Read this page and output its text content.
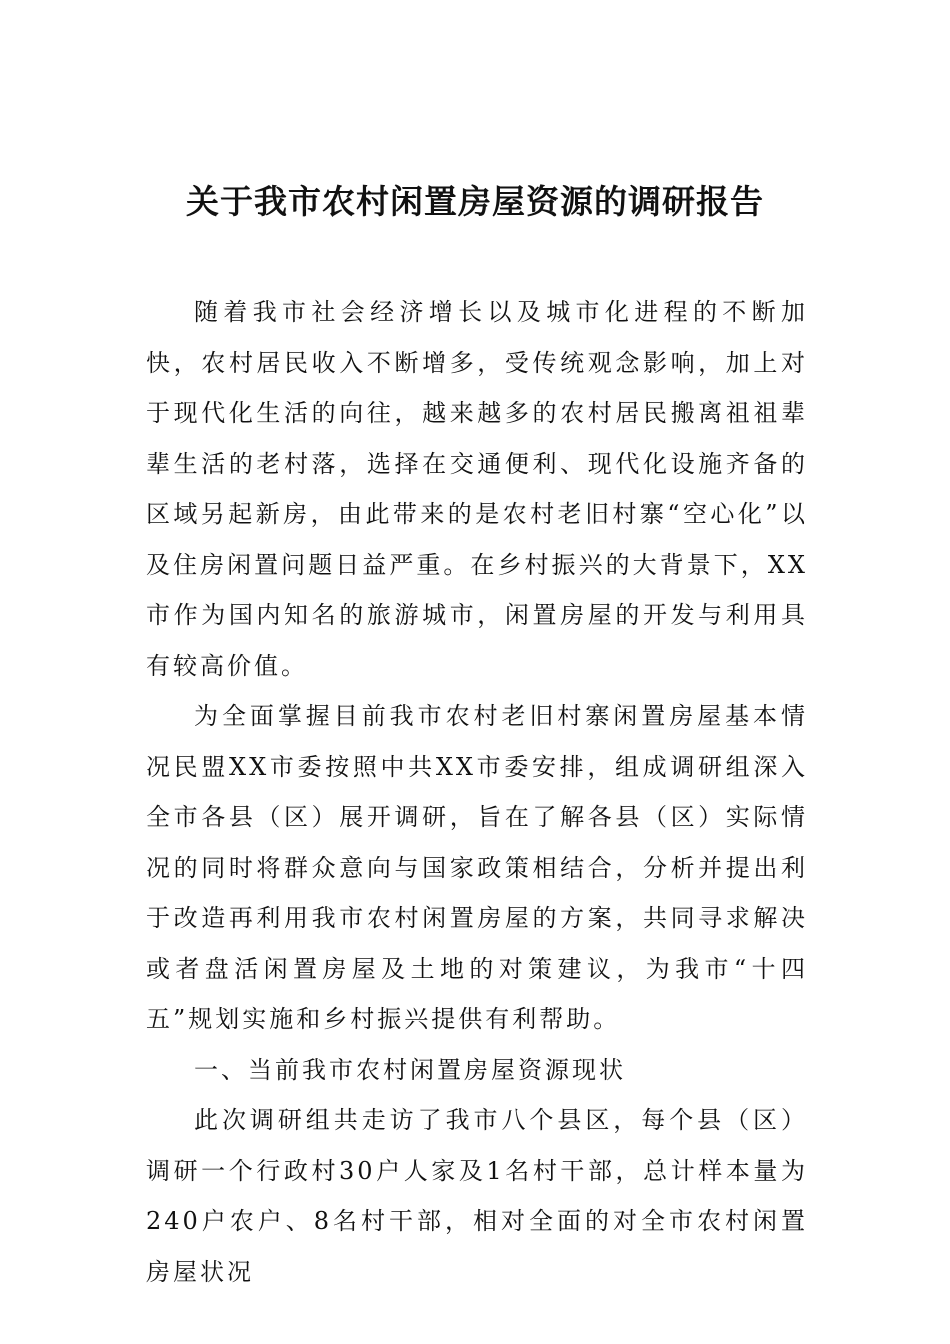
关于我市农村闲置房屋资源的调研报告

随着我市社会经济增长以及城市化进程的不断加快，农村居民收入不断增多，受传统观念影响，加上对于现代化生活的向往，越来越多的农村居民搬离祖祖辈辈生活的老村落，选择在交通便利、现代化设施齐备的区域另起新房，由此带来的是农村老旧村寨“空心化”以及住房闲置问题日益严重。在乡村振兴的大背景下，XX市作为国内知名的旅游城市，闲置房屋的开发与利用具有较高价值。

为全面掌握目前我市农村老旧村寨闲置房屋基本情况民盟XX市委按照中共XX市委安排，组成调研组深入全市各县（区）展开调研，旨在了解各县（区）实际情况的同时将群众意向与国家政策相结合，分析并提出利于改造再利用我市农村闲置房屋的方案，共同寻求解决或者盘活闲置房屋及土地的对策建议，为我市“十四五”规划实施和乡村振兴提供有利帮助。

一、当前我市农村闲置房屋资源现状

此次调研组共走访了我市八个县区，每个县（区）调研一个行政村30户人家及1名村干部，总计样本量为240户农户、8名村干部，相对全面的对全市农村闲置房屋状况
